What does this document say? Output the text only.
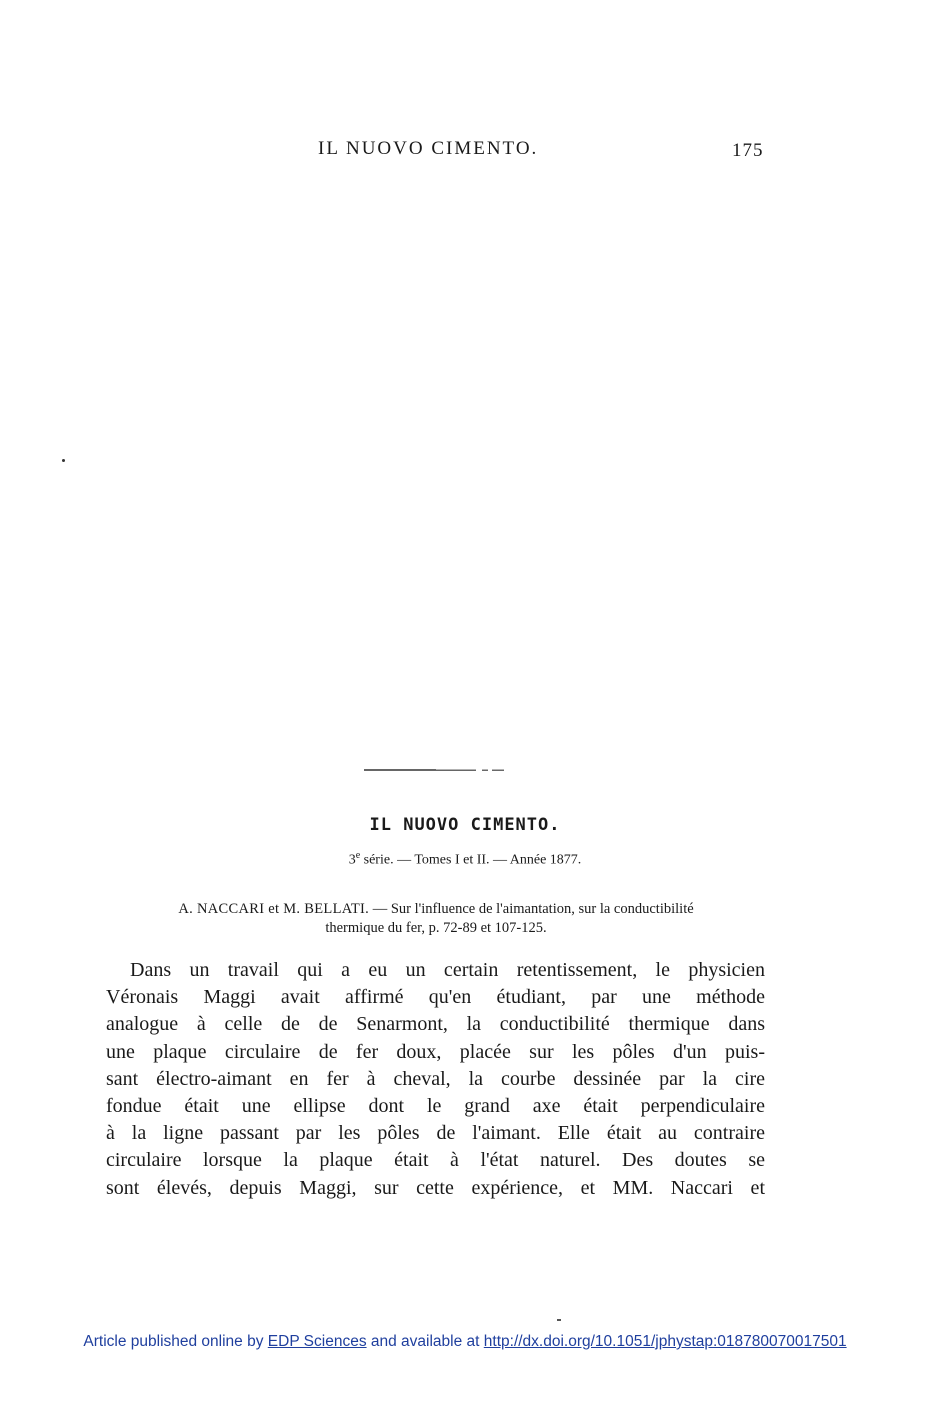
IL NUOVO CIMENTO.	175
IL NUOVO CIMENTO.
3e série. — Tomes I et II. — Année 1877.
A. NACCARI et M. BELLATI. — Sur l'influence de l'aimantation, sur la conductibilité
thermique du fer, p. 72-89 et 107-125.
Dans un travail qui a eu un certain retentissement, le physicien
Véronais Maggi avait affirmé qu'en étudiant, par une méthode
analogue à celle de de Senarmont, la conductibilité thermique dans
une plaque circulaire de fer doux, placée sur les pôles d'un puis-
sant électro-aimant en fer à cheval, la courbe dessinée par la cire
fondue était une ellipse dont le grand axe était perpendiculaire
à la ligne passant par les pôles de l'aimant. Elle était au contraire
circulaire lorsque la plaque était à l'état naturel. Des doutes se
sont élevés, depuis Maggi, sur cette expérience, et MM. Naccari et
Article published online by EDP Sciences and available at http://dx.doi.org/10.1051/jphystap:018780070017501
